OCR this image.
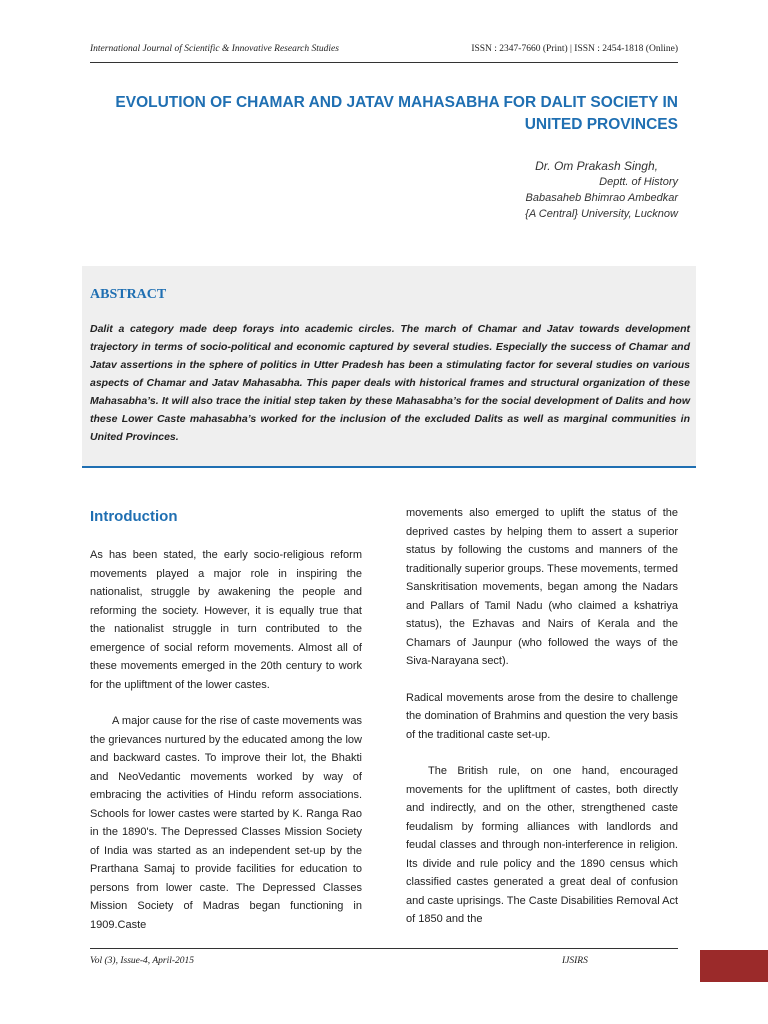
International Journal of Scientific & Innovative Research Studies	ISSN : 2347-7660 (Print) | ISSN : 2454-1818 (Online)
EVOLUTION OF CHAMAR AND JATAV MAHASABHA FOR DALIT SOCIETY IN
UNITED PROVINCES
Dr. Om Prakash Singh,
Deptt. of History
Babasaheb Bhimrao Ambedkar
{A Central} University, Lucknow
ABSTRACT
Dalit a category made deep forays into academic circles. The march of Chamar and Jatav towards development trajectory in terms of socio-political and economic captured by several studies. Especially the success of Chamar and Jatav assertions in the sphere of politics in Utter Pradesh has been a stimulating factor for several studies on various aspects of Chamar and Jatav Mahasabha. This paper deals with historical frames and structural organization of these Mahasabha’s. It will also trace the initial step taken by these Mahasabha’s for the social development of Dalits and how these Lower Caste mahasabha’s worked for the inclusion of the excluded Dalits as well as marginal communities in United Provinces.
Introduction

As has been stated, the early socio-religious reform movements played a major role in inspiring the nationalist, struggle by awakening the people and reforming the society. However, it is equally true that the nationalist struggle in turn contributed to the emergence of social reform movements. Almost all of these movements emerged in the 20th century to work for the upliftment of the lower castes.

A major cause for the rise of caste movements was the grievances nurtured by the educated among the low and backward castes. To improve their lot, the Bhakti and NeoVedantic movements worked by way of embracing the activities of Hindu reform associations. Schools for lower castes were started by K. Ranga Rao in the 1890's. The Depressed Classes Mission Society of India was started as an independent set-up by the Prarthana Samaj to provide facilities for education to persons from lower caste. The Depressed Classes Mission Society of Madras began functioning in 1909.Caste

movements also emerged to uplift the status of the deprived castes by helping them to assert a superior status by following the customs and manners of the traditionally superior groups. These movements, termed Sanskritisation movements, began among the Nadars and Pallars of Tamil Nadu (who claimed a kshatriya status), the Ezhavas and Nairs of Kerala and the Chamars of Jaunpur (who followed the ways of the Siva-Narayana sect).

Radical movements arose from the desire to challenge the domination of Brahmins and question the very basis of the traditional caste set-up.

The British rule, on one hand, encouraged movements for the upliftment of castes, both directly and indirectly, and on the other, strengthened caste feudalism by forming alliances with landlords and feudal classes and through non-interference in religion. Its divide and rule policy and the 1890 census which classified castes generated a great deal of confusion and caste uprisings. The Caste Disabilities Removal Act of 1850 and the

Vol (3), Issue-4, April-2015	IJSIRS
